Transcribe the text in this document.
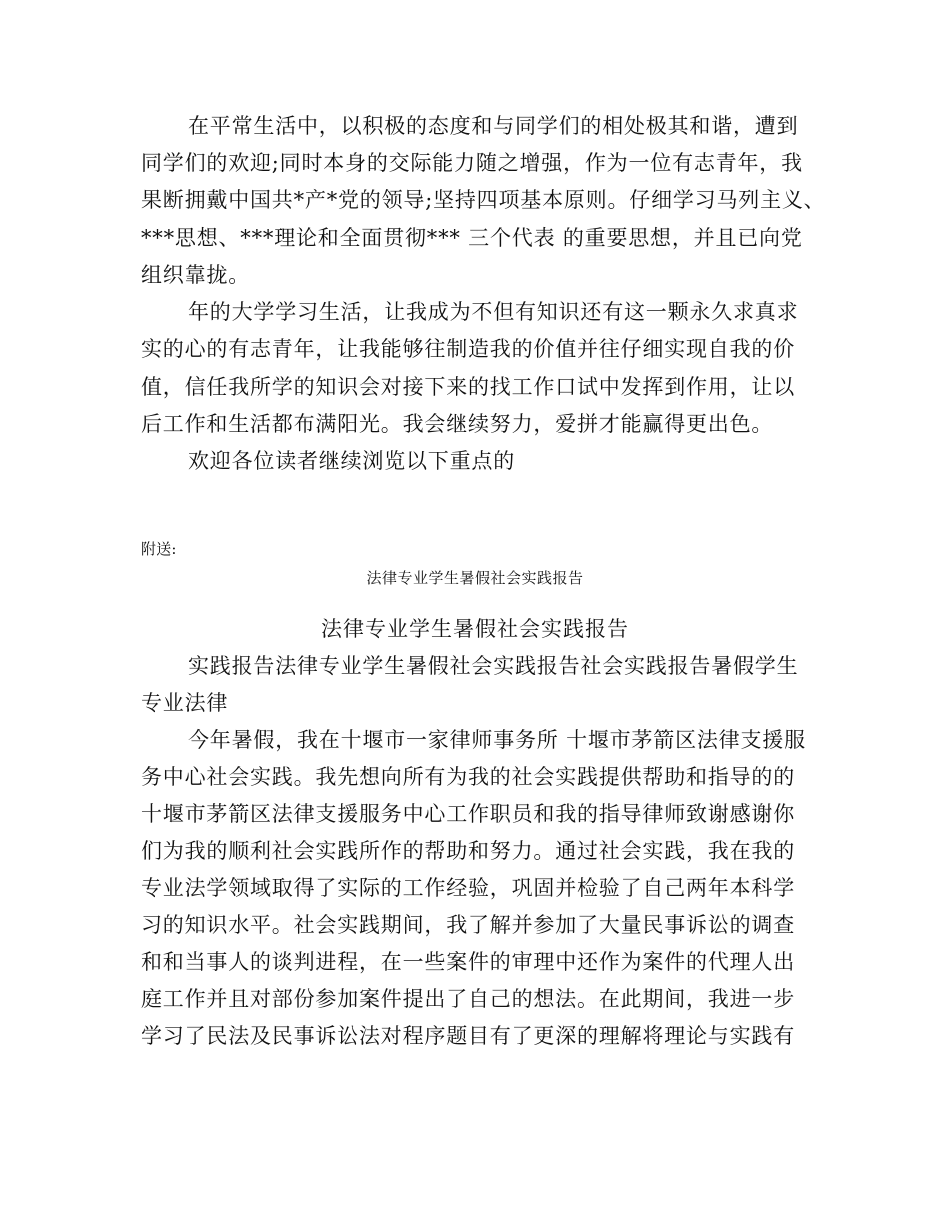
在平常生活中，以积极的态度和与同学们的相处极其和谐，遭到
同学们的欢迎;同时本身的交际能力随之增强，作为一位有志青年，我
果断拥戴中国共*产*党的领导;坚持四项基本原则。仔细学习马列主义、
***思想、***理论和全面贯彻*** 三个代表 的重要思想，并且已向党
组织靠拢。
年的大学学习生活，让我成为不但有知识还有这一颗永久求真求
实的心的有志青年，让我能够往制造我的价值并往仔细实现自我的价
值，信任我所学的知识会对接下来的找工作口试中发挥到作用，让以
后工作和生活都布满阳光。我会继续努力，爱拼才能赢得更出色。
欢迎各位读者继续浏览以下重点的
附送:
法律专业学生暑假社会实践报告
法律专业学生暑假社会实践报告
实践报告法律专业学生暑假社会实践报告社会实践报告暑假学生
专业法律
今年暑假，我在十堰市一家律师事务所 十堰市茅箭区法律支援服
务中心社会实践。我先想向所有为我的社会实践提供帮助和指导的的
十堰市茅箭区法律支援服务中心工作职员和我的指导律师致谢感谢你
们为我的顺利社会实践所作的帮助和努力。通过社会实践，我在我的
专业法学领域取得了实际的工作经验，巩固并检验了自己两年本科学
习的知识水平。社会实践期间，我了解并参加了大量民事诉讼的调查
和和当事人的谈判进程，在一些案件的审理中还作为案件的代理人出
庭工作并且对部份参加案件提出了自己的想法。在此期间，我进一步
学习了民法及民事诉讼法对程序题目有了更深的理解将理论与实践有
